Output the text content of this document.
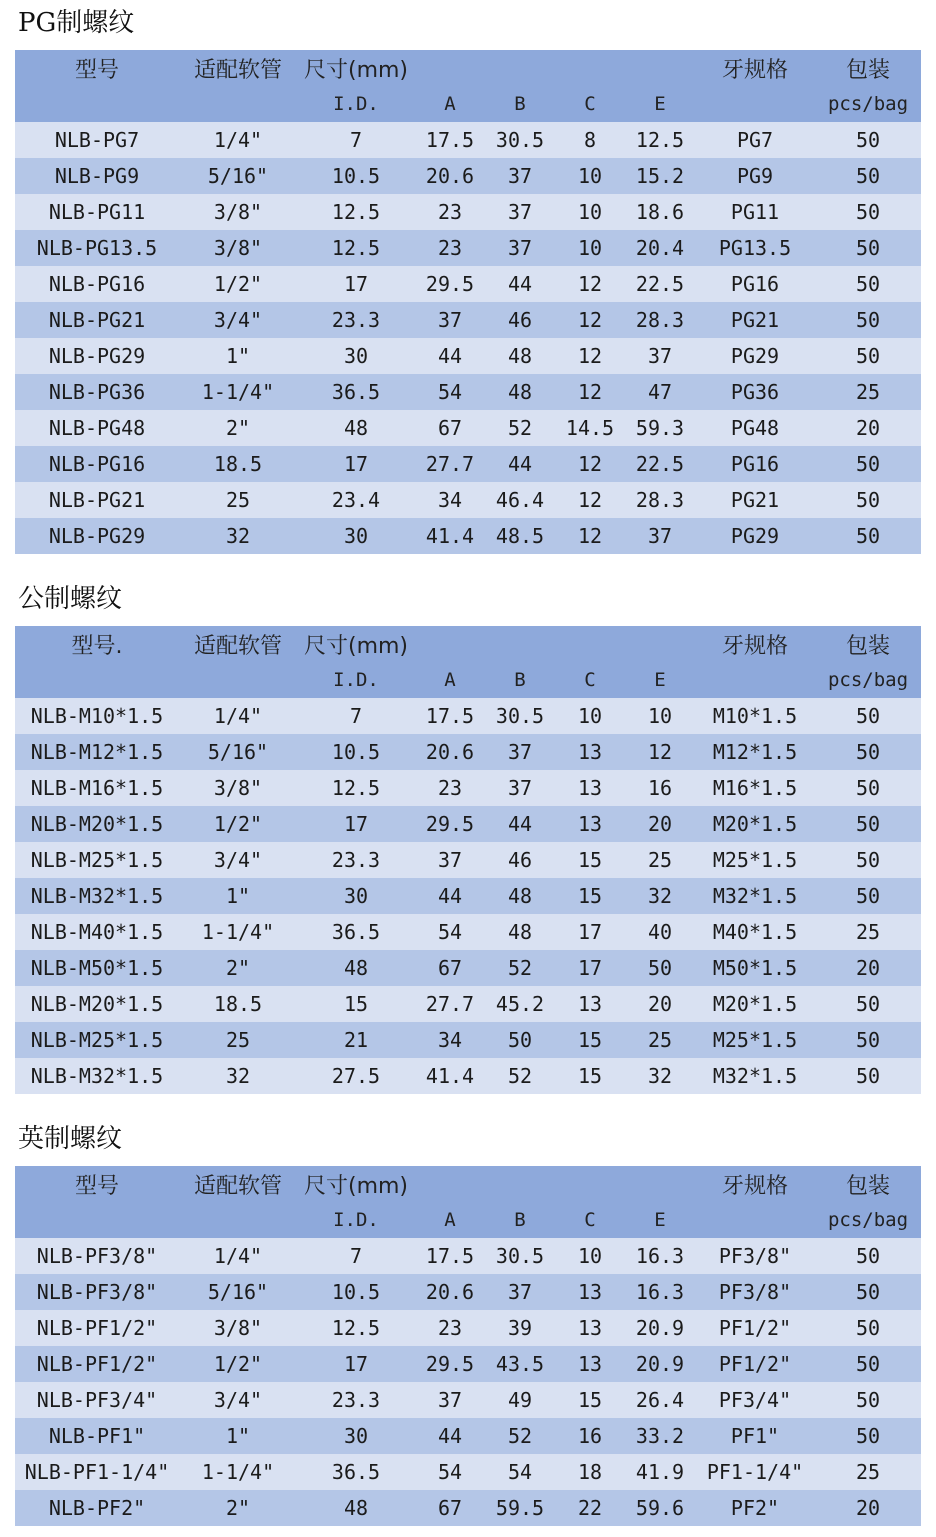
PG制螺纹
型号	适配软管	尺寸(mm)					牙规格	包装
		I.D.	A	B	C	E		pcs/bag
NLB-PG7	1/4"	7	17.5	30.5	8	12.5	PG7	50
NLB-PG9	5/16"	10.5	20.6	37	10	15.2	PG9	50
NLB-PG11	3/8"	12.5	23	37	10	18.6	PG11	50
NLB-PG13.5	3/8"	12.5	23	37	10	20.4	PG13.5	50
NLB-PG16	1/2"	17	29.5	44	12	22.5	PG16	50
NLB-PG21	3/4"	23.3	37	46	12	28.3	PG21	50
NLB-PG29	1"	30	44	48	12	37	PG29	50
NLB-PG36	1-1/4"	36.5	54	48	12	47	PG36	25
NLB-PG48	2"	48	67	52	14.5	59.3	PG48	20
NLB-PG16	18.5	17	27.7	44	12	22.5	PG16	50
NLB-PG21	25	23.4	34	46.4	12	28.3	PG21	50
NLB-PG29	32	30	41.4	48.5	12	37	PG29	50
公制螺纹
型号.	适配软管	尺寸(mm)					牙规格	包装
		I.D.	A	B	C	E		pcs/bag
NLB-M10*1.5	1/4"	7	17.5	30.5	10	10	M10*1.5	50
NLB-M12*1.5	5/16"	10.5	20.6	37	13	12	M12*1.5	50
NLB-M16*1.5	3/8"	12.5	23	37	13	16	M16*1.5	50
NLB-M20*1.5	1/2"	17	29.5	44	13	20	M20*1.5	50
NLB-M25*1.5	3/4"	23.3	37	46	15	25	M25*1.5	50
NLB-M32*1.5	1"	30	44	48	15	32	M32*1.5	50
NLB-M40*1.5	1-1/4"	36.5	54	48	17	40	M40*1.5	25
NLB-M50*1.5	2"	48	67	52	17	50	M50*1.5	20
NLB-M20*1.5	18.5	15	27.7	45.2	13	20	M20*1.5	50
NLB-M25*1.5	25	21	34	50	15	25	M25*1.5	50
NLB-M32*1.5	32	27.5	41.4	52	15	32	M32*1.5	50
英制螺纹
型号	适配软管	尺寸(mm)					牙规格	包装
		I.D.	A	B	C	E		pcs/bag
NLB-PF3/8"	1/4"	7	17.5	30.5	10	16.3	PF3/8"	50
NLB-PF3/8"	5/16"	10.5	20.6	37	13	16.3	PF3/8"	50
NLB-PF1/2"	3/8"	12.5	23	39	13	20.9	PF1/2"	50
NLB-PF1/2"	1/2"	17	29.5	43.5	13	20.9	PF1/2"	50
NLB-PF3/4"	3/4"	23.3	37	49	15	26.4	PF3/4"	50
NLB-PF1"	1"	30	44	52	16	33.2	PF1"	50
NLB-PF1-1/4"	1-1/4"	36.5	54	54	18	41.9	PF1-1/4"	25
NLB-PF2"	2"	48	67	59.5	22	59.6	PF2"	20
